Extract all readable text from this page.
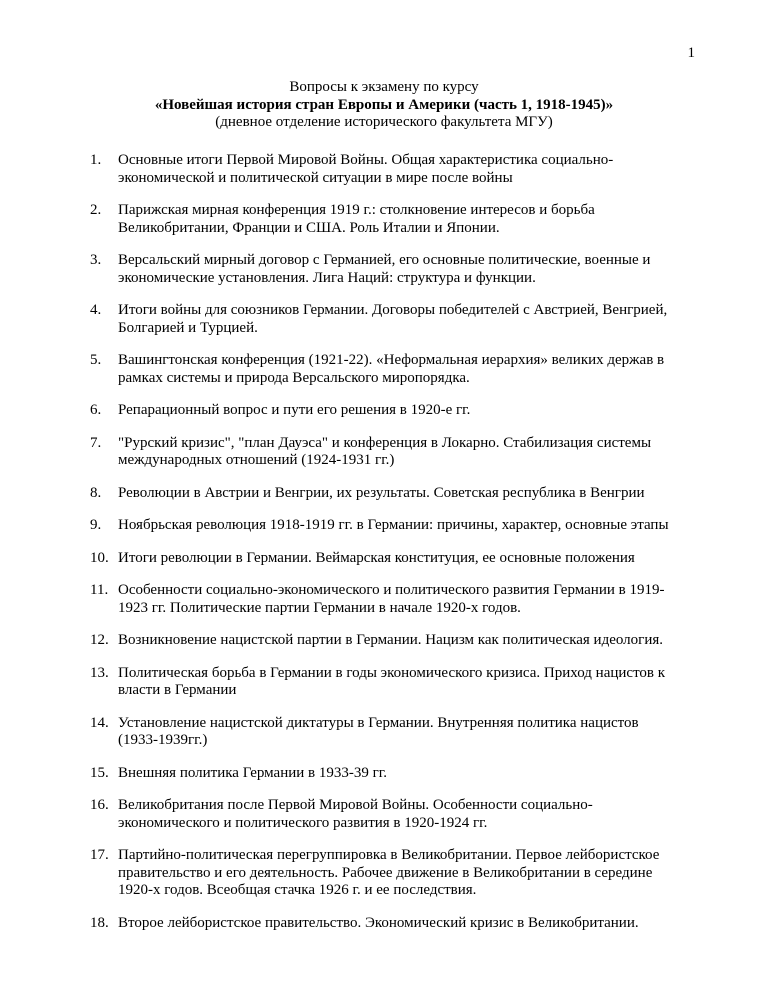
1
Вопросы к экзамену по курсу
«Новейшая история стран Европы и Америки (часть 1, 1918-1945)»
(дневное отделение исторического факультета МГУ)
1.	Основные итоги Первой Мировой Войны. Общая характеристика социально-
экономической и политической ситуации в мире после войны
2.	Парижская мирная конференция 1919 г.: столкновение интересов и борьба
Великобритании, Франции и США. Роль Италии и Японии.
3.	Версальский мирный договор с Германией, его основные политические, военные и
экономические установления. Лига Наций: структура и функции.
4.	Итоги войны для союзников Германии. Договоры победителей с Австрией, Венгрией,
Болгарией и Турцией.
5.	Вашингтонская конференция (1921-22). «Неформальная иерархия» великих держав в
рамках системы и природа Версальского миропорядка.
6.	Репарационный вопрос и пути его решения в 1920-е гг.
7.	"Рурский кризис", "план Дауэса" и конференция в Локарно. Стабилизация системы
международных отношений (1924-1931 гг.)
8.	Революции в Австрии и Венгрии, их результаты. Советская республика в Венгрии
9.	Ноябрьская революция 1918-1919 гг. в Германии: причины, характер, основные этапы
10. Итоги революции в Германии. Веймарская конституция, ее основные положения
11. Особенности социально-экономического и политического развития Германии в 1919-
1923 гг. Политические партии Германии в начале 1920-х годов.
12. Возникновение нацистской партии в Германии. Нацизм как политическая идеология.
13. Политическая борьба в Германии в годы экономического кризиса. Приход нацистов к
власти в Германии
14. Установление нацистской диктатуры в Германии. Внутренняя политика нацистов
(1933-1939гг.)
15. Внешняя политика Германии в 1933-39 гг.
16. Великобритания после Первой Мировой Войны. Особенности социально-
экономического и политического развития в 1920-1924 гг.
17. Партийно-политическая перегруппировка в Великобритании. Первое лейбористское
правительство и его деятельность. Рабочее движение в Великобритании в середине
1920-х годов. Всеобщая стачка 1926 г. и ее последствия.
18. Второе лейбористское правительство. Экономический кризис в Великобритании.
